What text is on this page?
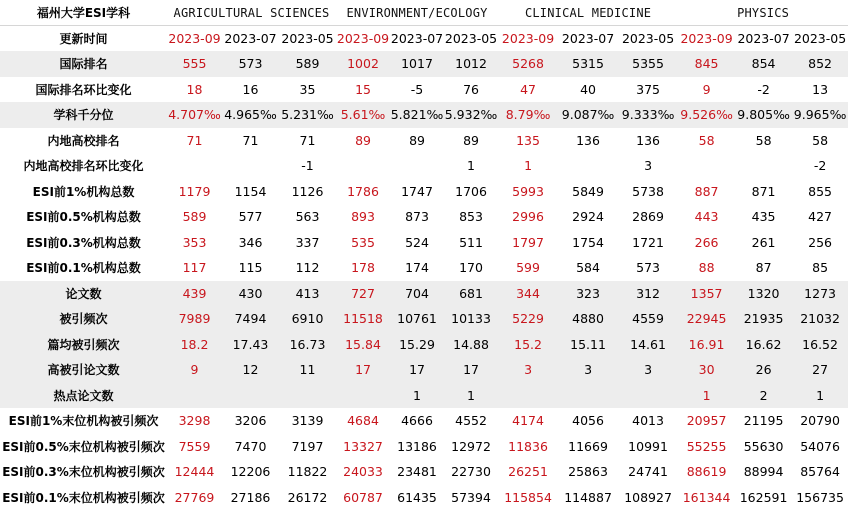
福州大学ESI学科	AGRICULTURAL SCIENCES			ENVIRONMENT/ECOLOGY			CLINICAL MEDICINE			PHYSICS		
更新时间	2023-09	2023-07	2023-05	2023-09	2023-07	2023-05	2023-09	2023-07	2023-05	2023-09	2023-07	2023-05
国际排名	555	573	589	1002	1017	1012	5268	5315	5355	845	854	852
国际排名环比变化	18	16	35	15	-5	76	47	40	375	9	-2	13
学科千分位	4.707‰	4.965‰	5.231‰	5.61‰	5.821‰	5.932‰	8.79‰	9.087‰	9.333‰	9.526‰	9.805‰	9.965‰
内地高校排名	71	71	71	89	89	89	135	136	136	58	58	58
内地高校排名环比变化			-1			1	1		3			-2
ESI前1%机构总数	1179	1154	1126	1786	1747	1706	5993	5849	5738	887	871	855
ESI前0.5%机构总数	589	577	563	893	873	853	2996	2924	2869	443	435	427
ESI前0.3%机构总数	353	346	337	535	524	511	1797	1754	1721	266	261	256
ESI前0.1%机构总数	117	115	112	178	174	170	599	584	573	88	87	85
论文数	439	430	413	727	704	681	344	323	312	1357	1320	1273
被引频次	7989	7494	6910	11518	10761	10133	5229	4880	4559	22945	21935	21032
篇均被引频次	18.2	17.43	16.73	15.84	15.29	14.88	15.2	15.11	14.61	16.91	16.62	16.52
高被引论文数	9	12	11	17	17	17	3	3	3	30	26	27
热点论文数					1	1				1	2	1
ESI前1%末位机构被引频次	3298	3206	3139	4684	4666	4552	4174	4056	4013	20957	21195	20790
ESI前0.5%末位机构被引频次	7559	7470	7197	13327	13186	12972	11836	11669	10991	55255	55630	54076
ESI前0.3%末位机构被引频次	12444	12206	11822	24033	23481	22730	26251	25863	24741	88619	88994	85764
ESI前0.1%末位机构被引频次	27769	27186	26172	60787	61435	57394	115854	114887	108927	161344	162591	156735
